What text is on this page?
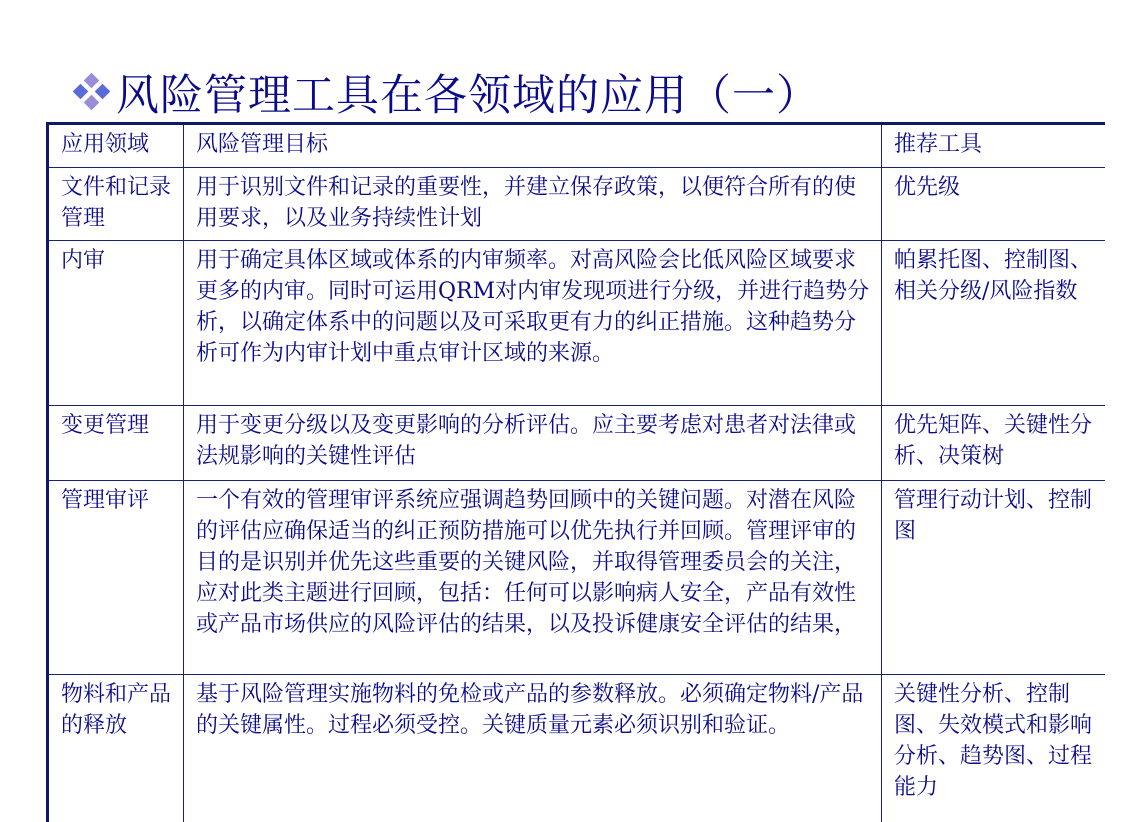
风险管理工具在各领域的应用（一）
应用领域	风险管理目标	推荐工具
文件和记录管理	用于识别文件和记录的重要性，并建立保存政策，以便符合所有的使用要求，以及业务持续性计划	优先级
内审	用于确定具体区域或体系的内审频率。对高风险会比低风险区域要求更多的内审。同时可运用QRM对内审发现项进行分级，并进行趋势分析，以确定体系中的问题以及可采取更有力的纠正措施。这种趋势分析可作为内审计划中重点审计区域的来源。	帕累托图、控制图、相关分级/风险指数
变更管理	用于变更分级以及变更影响的分析评估。应主要考虑对患者对法律或法规影响的关键性评估	优先矩阵、关键性分析、决策树
管理审评	一个有效的管理审评系统应强调趋势回顾中的关键问题。对潜在风险的评估应确保适当的纠正预防措施可以优先执行并回顾。管理评审的目的是识别并优先这些重要的关键风险，并取得管理委员会的关注，应对此类主题进行回顾，包括：任何可以影响病人安全，产品有效性或产品市场供应的风险评估的结果，以及投诉健康安全评估的结果，	管理行动计划、控制图
物料和产品的释放	基于风险管理实施物料的免检或产品的参数释放。必须确定物料/产品的关键属性。过程必须受控。关键质量元素必须识别和验证。	关键性分析、控制图、失效模式和影响分析、趋势图、过程能力
